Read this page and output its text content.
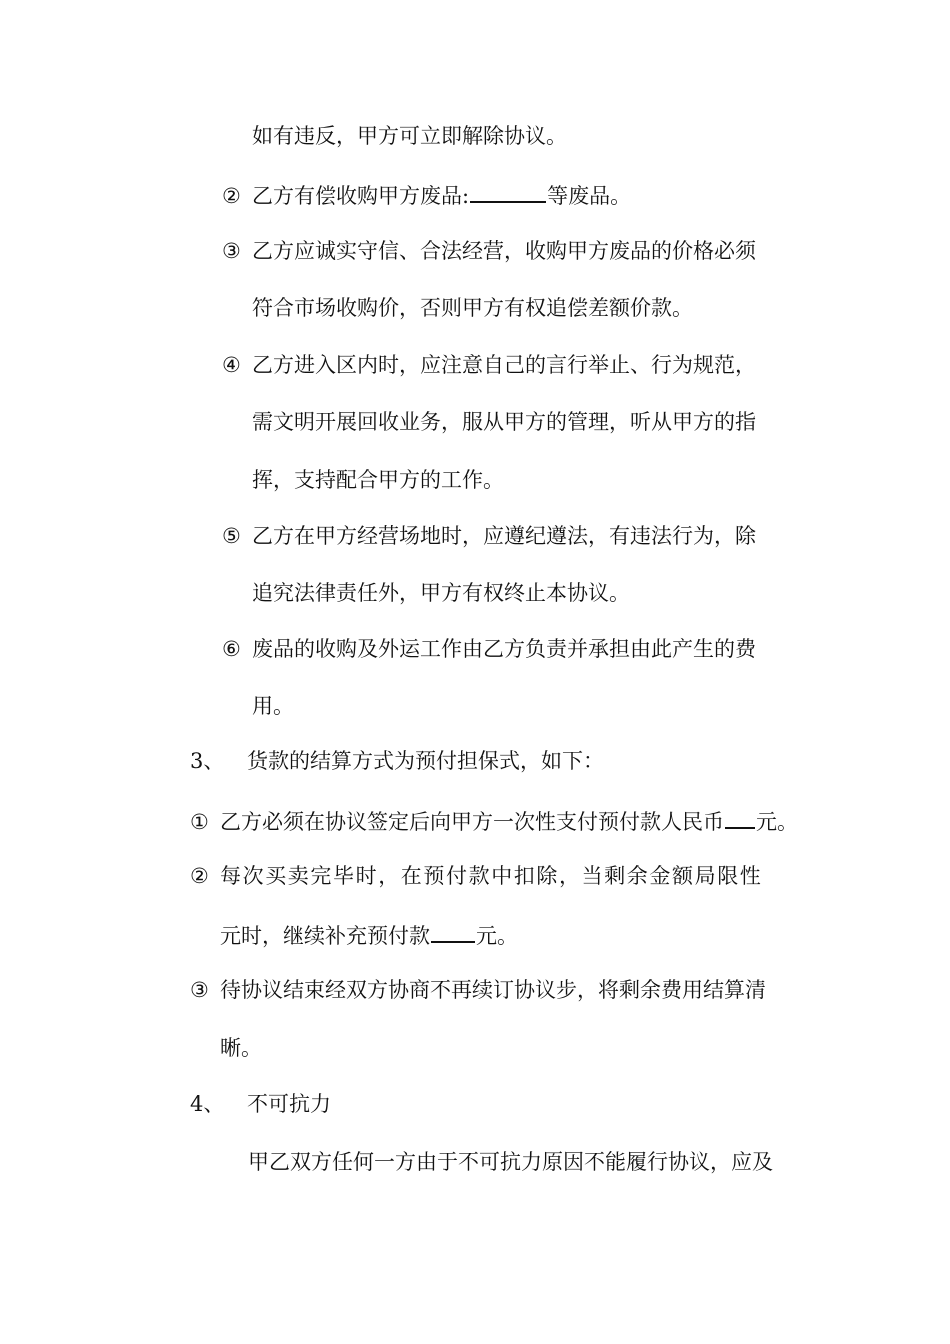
如有违反，甲方可立即解除协议。
② 乙方有偿收购甲方废品:	等废品。
③ 乙方应诚实守信、合法经营，收购甲方废品的价格必须
符合市场收购价，否则甲方有权追偿差额价款。
④ 乙方进入区内时，应注意自己的言行举止、行为规范，
需文明开展回收业务，服从甲方的管理，听从甲方的指
挥，支持配合甲方的工作。
⑤ 乙方在甲方经营场地时，应遵纪遵法，有违法行为，除
追究法律责任外，甲方有权终止本协议。
⑥ 废品的收购及外运工作由乙方负责并承担由此产生的费
用。
3、 货款的结算方式为预付担保式，如下：
① 乙方必须在协议签定后向甲方一次性支付预付款人民币 元。
② 每次买卖完毕时，在预付款中扣除，当剩余金额局限性
元时，继续补充预付款 元。
③ 待协议结束经双方协商不再续订协议步，将剩余费用结算清
晰。
4、 不可抗力
甲乙双方任何一方由于不可抗力原因不能履行协议，应及
